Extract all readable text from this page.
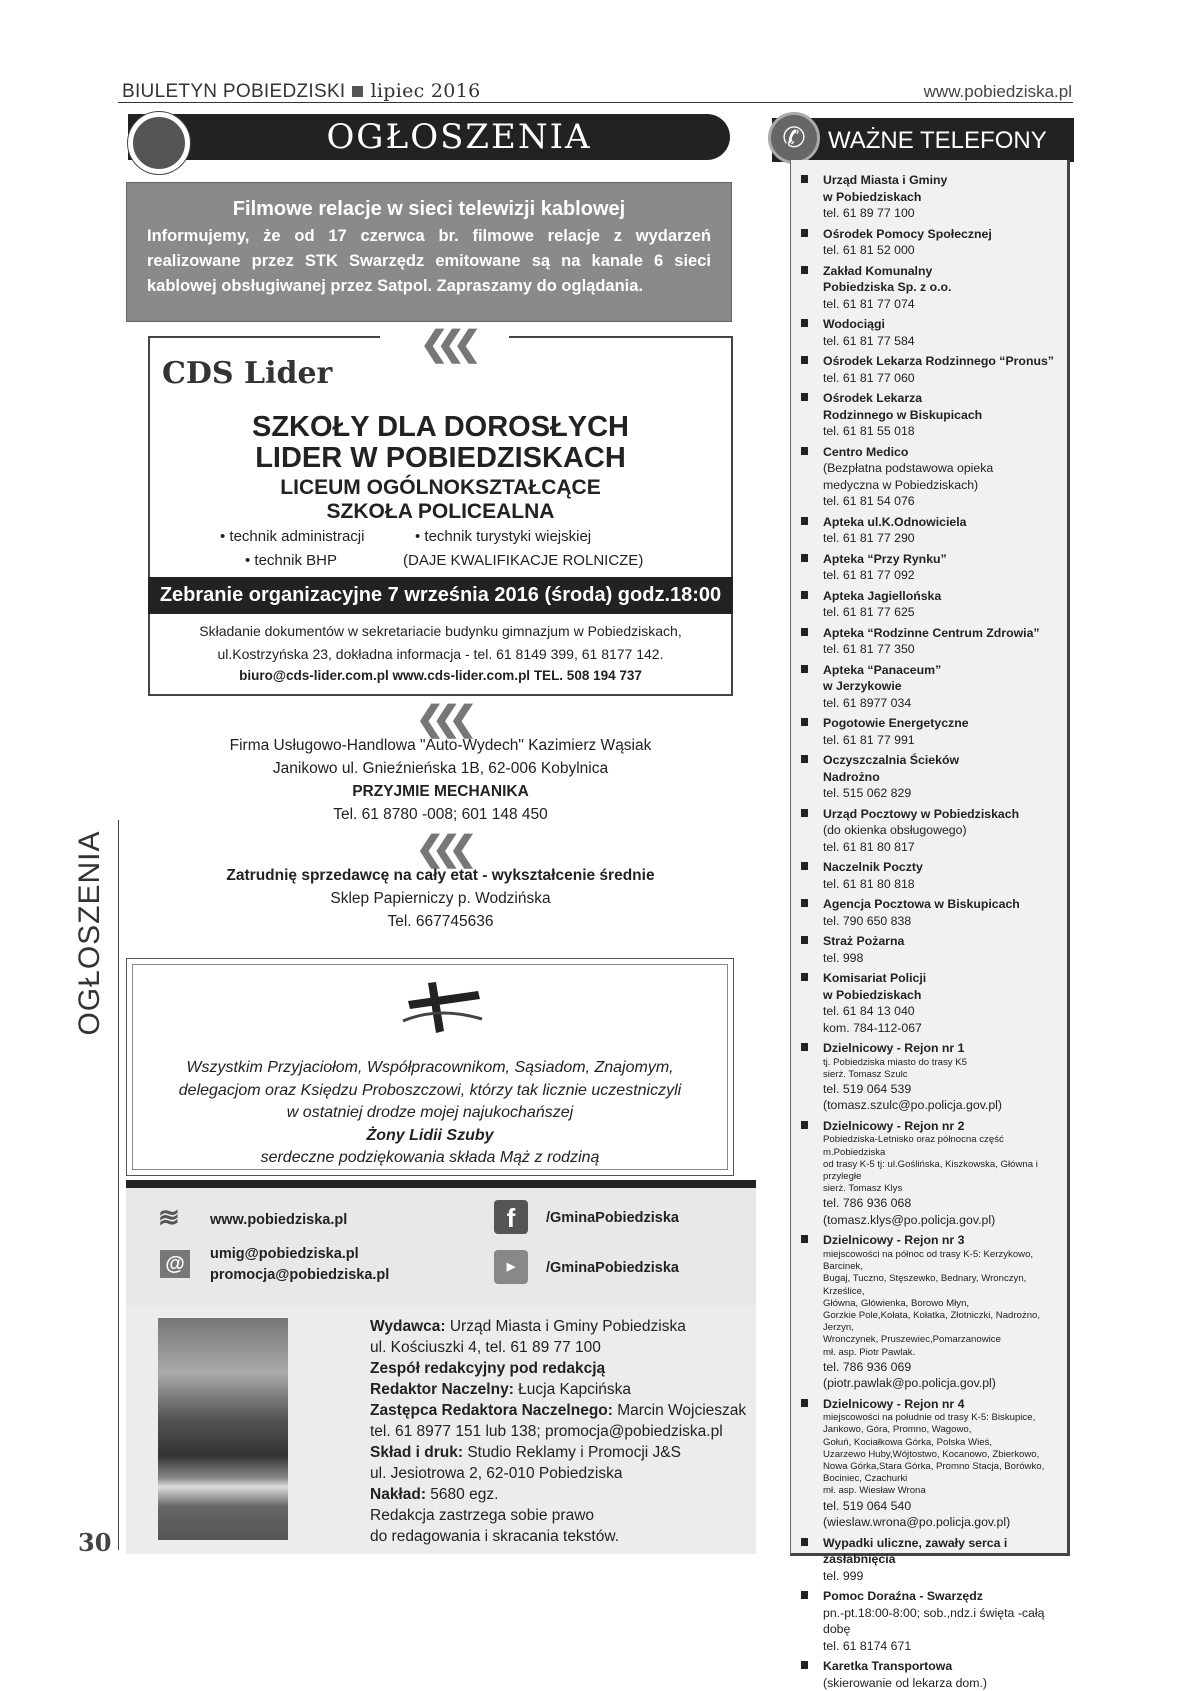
BIULETYN POBIEDZISKI lipiec 2016	www.pobiedziska.pl
OGŁOSZENIA
Filmowe relacje w sieci telewizji kablowej

Informujemy, że od 17 czerwca br. filmowe relacje z wydarzeń realizowane przez STK Swarzędz emitowane są na kanale 6 sieci kablowej obsługiwanej przez Satpol. Zapraszamy do oglądania.

❮❮❮
CDS Lider
SZKOŁY DLA DOROSŁYCH
LIDER W POBIEDZISKACH
LICEUM OGÓLNOKSZTAŁCĄCE
SZKOŁA POLICEALNA
• technik administracji	• technik turystyki wiejskiej
• technik BHP	(DAJE KWALIFIKACJE ROLNICZE)
Zebranie organizacyjne 7 września 2016 (środa) godz.18:00
Składanie dokumentów w sekretariacie budynku gimnazjum w Pobiedziskach,
ul.Kostrzyńska 23, dokładna informacja - tel. 61 8149 399, 61 8177 142.
biuro@cds-lider.com.pl www.cds-lider.com.pl TEL. 508 194 737
❮❮❮
Firma Usługowo-Handlowa "Auto-Wydech" Kazimierz Wąsiak
Janikowo ul. Gnieźnieńska 1B, 62-006 Kobylnica
PRZYJMIE MECHANIKA
Tel. 61 8780 -008; 601 148 450
❮❮❮
Zatrudnię sprzedawcę na cały etat - wykształcenie średnie
Sklep Papierniczy p. Wodzińska
Tel. 667745636
Wszystkim Przyjaciołom, Współpracownikom, Sąsiadom, Znajomym,
delegacjom oraz Księdzu Proboszczowi, którzy tak licznie uczestniczyli
w ostatniej drodze mojej najukochańszej
Żony Lidii Szuby
serdeczne podziękowania składa Mąż z rodziną
≋ www.pobiedziska.pl
@	umig@pobiedziska.pl
promocja@pobiedziska.pl
f	/GminaPobiedziska
▶	/GminaPobiedziska
Wydawca: Urząd Miasta i Gminy Pobiedziska
ul. Kościuszki 4, tel. 61 89 77 100
Zespół redakcyjny pod redakcją
Redaktor Naczelny: Łucja Kapcińska
Zastępca Redaktora Naczelnego: Marcin Wojcieszak
tel. 61 8977 151 lub 138; promocja@pobiedziska.pl
Skład i druk: Studio Reklamy i Promocji J&S
ul. Jesiotrowa 2, 62-010 Pobiedziska
Nakład: 5680 egz.
Redakcja zastrzega sobie prawo
do redagowania i skracania tekstów.
OGŁOSZENIA
30
WAŻNE TELEFONY
✆
Urząd Miasta i Gminy
w Pobiedziskach
tel. 61 89 77 100
Ośrodek Pomocy Społecznej
tel. 61 81 52 000
Zakład Komunalny
Pobiedziska Sp. z o.o.
tel. 61 81 77 074
Wodociągi
tel. 61 81 77 584
Ośrodek Lekarza Rodzinnego “Pronus”
tel. 61 81 77 060
Ośrodek Lekarza
Rodzinnego w Biskupicach
tel. 61 81 55 018
Centro Medico
(Bezpłatna podstawowa opieka
medyczna w Pobiedziskach)
tel. 61 81 54 076
Apteka ul.K.Odnowiciela
tel. 61 81 77 290
Apteka “Przy Rynku”
tel. 61 81 77 092
Apteka Jagiellońska
tel. 61 81 77 625
Apteka “Rodzinne Centrum Zdrowia”
tel. 61 81 77 350
Apteka “Panaceum”
w Jerzykowie
tel. 61 8977 034
Pogotowie Energetyczne
tel. 61 81 77 991
Oczyszczalnia Ścieków
Nadrożno
tel. 515 062 829
Urząd Pocztowy w Pobiedziskach
(do okienka obsługowego)
tel. 61 81 80 817
Naczelnik Poczty
tel. 61 81 80 818
Agencja Pocztowa w Biskupicach
tel. 790 650 838
Straż Pożarna
tel. 998
Komisariat Policji
w Pobiedziskach
tel. 61 84 13 040
kom. 784-112-067
Dzielnicowy - Rejon nr 1
tj. Pobiedziska miasto do trasy K5
sierż. Tomasz Szulc
tel. 519 064 539 (tomasz.szulc@po.policja.gov.pl)
Dzielnicowy - Rejon nr 2
Pobiedziska-Letnisko oraz północna część m.Pobiedziska
od trasy K-5 tj: ul.Goślińska, Kiszkowska, Główna i przyległe
sierż. Tomasz Klys
tel. 786 936 068 (tomasz.klys@po.policja.gov.pl)
Dzielnicowy - Rejon nr 3
miejscowości na północ od trasy K-5: Kerzykowo, Barcinek,
Bugaj, Tuczno, Stęszewko, Bednary, Wronczyn, Krześlice,
Główna, Główienka, Borowo Młyn,
Gorzkie Pole,Kołata, Kołatka, Złotniczki, Nadrożno, Jerzyn,
Wronczynek, Pruszewiec,Pomarzanowice
mł. asp. Piotr Pawlak.
tel. 786 936 069 (piotr.pawlak@po.policja.gov.pl)
Dzielnicowy - Rejon nr 4
miejscowości na południe od trasy K-5: Biskupice,
Jankowo, Góra, Promno, Wagowo,
Gołuń, Kociałkowa Górka, Polska Wieś,
Uzarzewo Huby,Wójtostwo, Kocanowo, Zbierkowo,
Nowa Górka,Stara Górka, Promno Stacja, Borówko,
Bociniec, Czachurki
mł. asp. Wiesław Wrona
tel. 519 064 540 (wieslaw.wrona@po.policja.gov.pl)
Wypadki uliczne, zawały serca i zasłabnięcia
tel. 999
Pomoc Doraźna - Swarzędz
pn.-pt.18:00-8:00; sob.,ndz.i święta -całą dobę
tel. 61 8174 671
Karetka Transportowa
(skierowanie od lekarza dom.)
